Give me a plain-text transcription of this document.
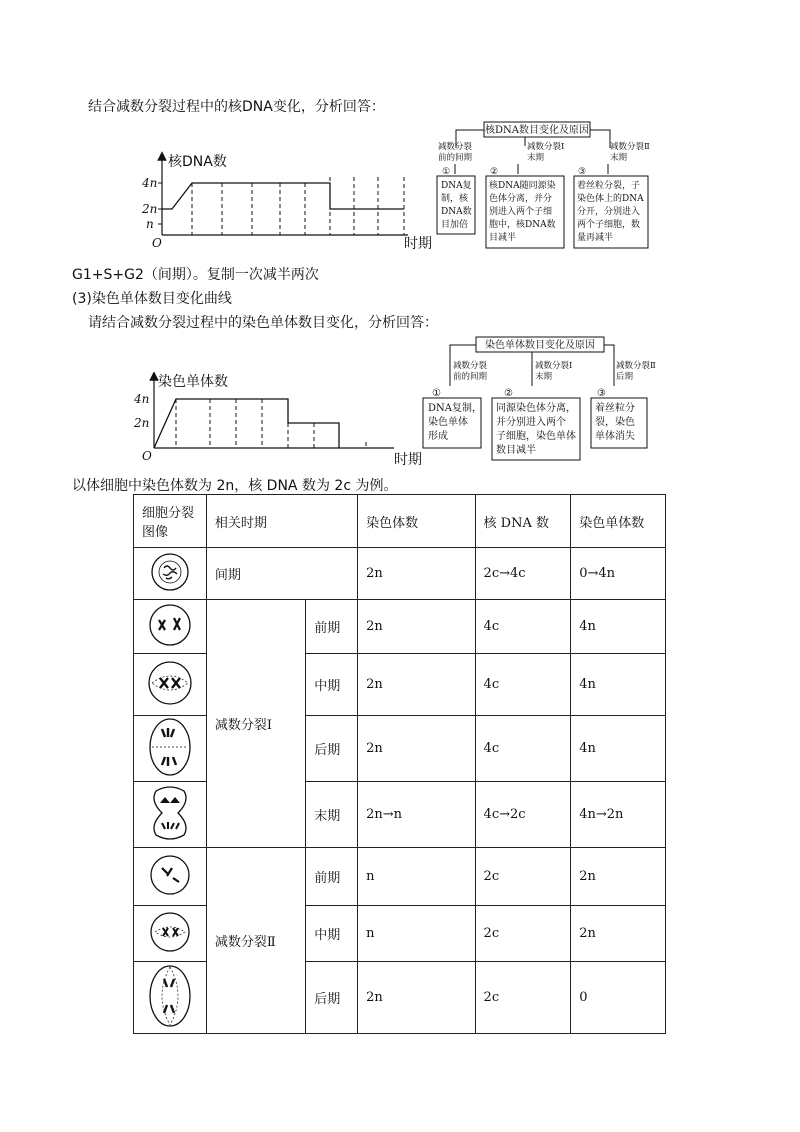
结合减数分裂过程中的核DNA变化，分析回答：
核DNA数
4n
2n
n
O	时期
核DNA数目变化及原因
减数分裂前的间期
减数分裂Ⅰ 末期
减数分裂Ⅱ 末期
①	②	③
DNA复制，核 DNA数目加倍
核DNA随同源染色体分离，并分别进入两个子细胞中，核DNA数目减半
着丝粒分裂，子染色体上的DNA 分开，分别进入两个子细胞，数量再减半
G1+S+G2（间期）。复制一次减半两次
(3)染色单体数目变化曲线
请结合减数分裂过程中的染色单体数目变化，分析回答：
染色单体数
4n
2n
O	时期
染色单体数目变化及原因
减数分裂前的间期
减数分裂Ⅰ 末期
减数分裂Ⅱ 后期
①	②	③
DNA复制，染色单体形成
同源染色体分离，并分别进入两个子细胞，染色单体数目减半
着丝粒分裂，染色单体消失
以体细胞中染色体数为 2n，核 DNA 数为 2c 为例。
细胞分裂图像	相关时期		染色体数	核 DNA 数	染色单体数
	间期		2n	2c→4c	0→4n
	减数分裂Ⅰ	前期	2n	4c	4n
	中期	2n	4c	4n
	后期	2n	4c	4n
	末期	2n→n	4c→2c	4n→2n
	减数分裂Ⅱ	前期	n	2c	2n
	中期	n	2c	2n
	后期	2n	2c	0
